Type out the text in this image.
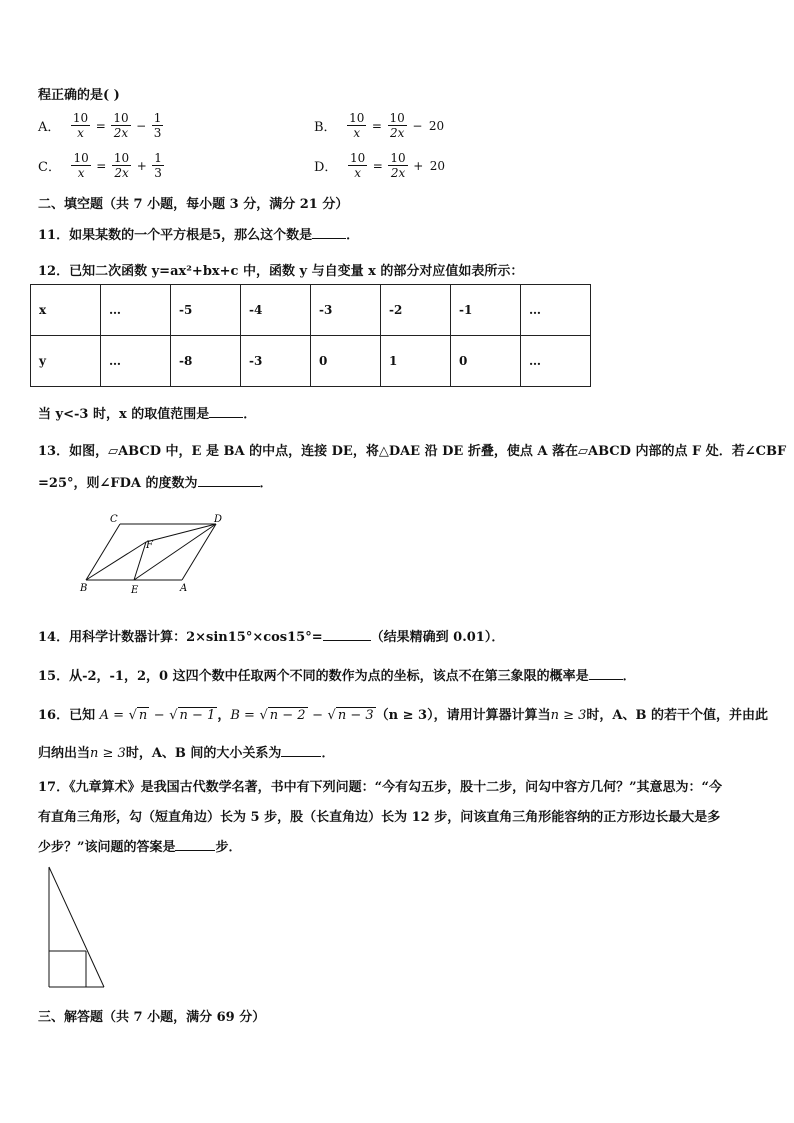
程正确的是( )
A． $\frac{10}{x} = \frac{10}{2x} - \frac{1}{3}$	B． $\frac{10}{x} = \frac{10}{2x} - 20$
C． $\frac{10}{x} = \frac{10}{2x} + \frac{1}{3}$	D． $\frac{10}{x} = \frac{10}{2x} + 20$
二、填空题（共 7 小题，每小题 3 分，满分 21 分）
11．如果某数的一个平方根是5，那么这个数是	．
12．已知二次函数 y=ax²+bx+c 中，函数 y 与自变量 x 的部分对应值如表所示：
x	…	-5	-4	-3	-2	-1	…
y	…	-8	-3	0	1	0	…
当 y<-3 时，x 的取值范围是	．
13．如图，▱ABCD 中，E 是 BA 的中点，连接 DE，将△DAE 沿 DE 折叠，使点 A 落在▱ABCD 内部的点 F 处．若∠CBF
=25°，则∠FDA 的度数为	．
C	D
F
B	E	A
14．用科学计数器计算：2×sin15°×cos15°=	（结果精确到 0.01）．
15．从-2，-1，2，0 这四个数中任取两个不同的数作为点的坐标，该点不在第三象限的概率是	．
16．已知 A = √ n − √ n − 1 ，B = √ n − 2 − √ n − 3 （n ≥ 3），请用计算器计算当n ≥ 3时，A、B 的若干个值，并由此
归纳出当n ≥ 3时，A、B 间的大小关系为	．
17．《九章算术》是我国古代数学名著，书中有下列问题：“今有勾五步，股十二步，问勾中容方几何？”其意思为：“今
有直角三角形，勾（短直角边）长为 5 步，股（长直角边）长为 12 步，问该直角三角形能容纳的正方形边长最大是多
少步？”该问题的答案是	步．
三、解答题（共 7 小题，满分 69 分）
